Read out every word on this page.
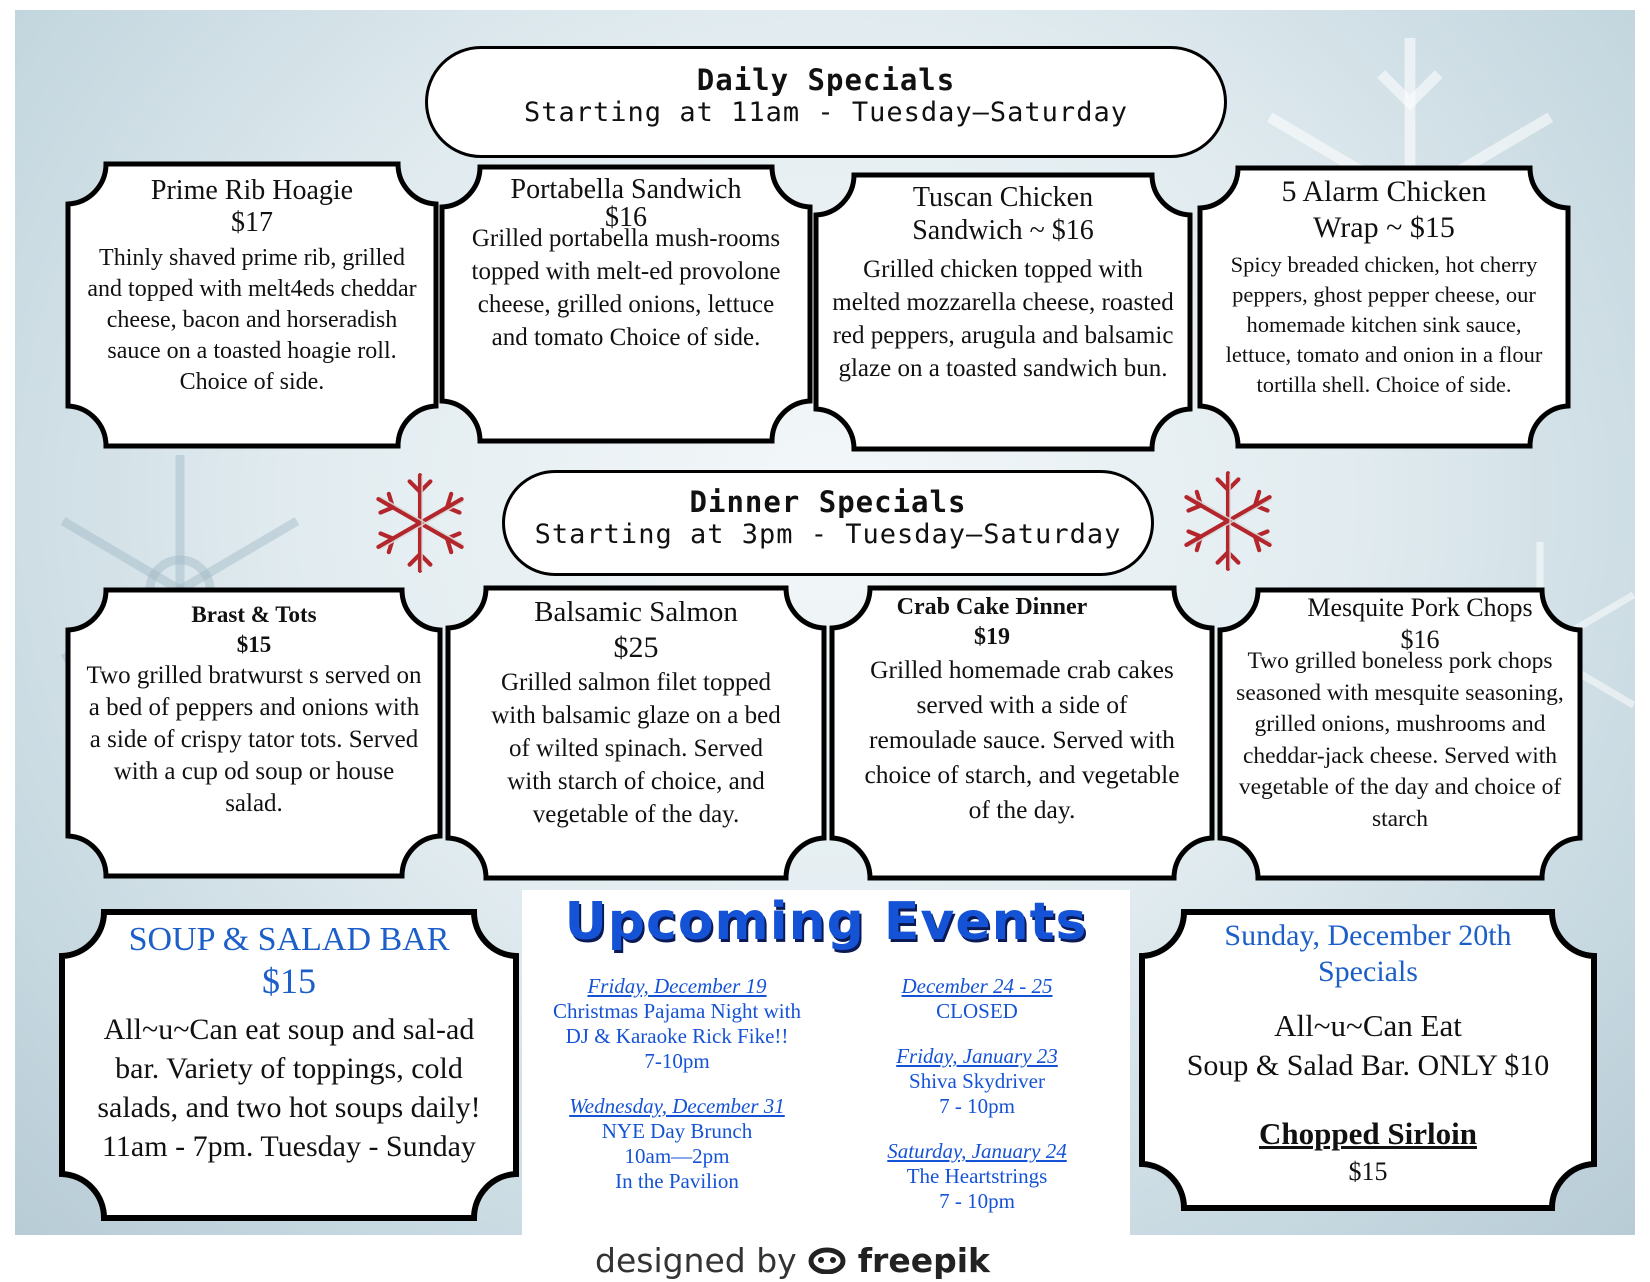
Daily Specials
Starting at 11am - Tuesday—Saturday
Prime Rib Hoagie
$17
Thinly shaved prime rib, grilled and topped with melt4eds cheddar cheese, bacon and horseradish sauce on a toasted hoagie roll. Choice of side.
Portabella Sandwich
$16
Grilled portabella mush-rooms topped with melt-ed provolone cheese, grilled onions, lettuce and tomato Choice of side.
Tuscan Chicken Sandwich ~ $16
Grilled chicken topped with melted mozzarella cheese, roasted red peppers, arugula and balsamic glaze on a toasted sandwich bun.
5 Alarm Chicken Wrap ~ $15
Spicy breaded chicken, hot cherry peppers, ghost pepper cheese, our homemade kitchen sink sauce, lettuce, tomato and onion in a flour tortilla shell. Choice of side.
Dinner Specials
Starting at 3pm - Tuesday—Saturday
Brast & Tots
$15
Two grilled bratwurst s served on a bed of peppers and onions with a side of crispy tator tots. Served with a cup od soup or house salad.
Balsamic Salmon
$25
Grilled salmon filet topped with balsamic glaze on a bed of wilted spinach. Served with starch of choice, and vegetable of the day.
Crab Cake Dinner
$19
Grilled homemade crab cakes served with a side of remoulade sauce. Served with choice of starch, and vegetable of the day.
Mesquite Pork Chops $16
Two grilled boneless pork chops seasoned with mesquite seasoning, grilled onions, mushrooms and cheddar-jack cheese. Served with vegetable of the day and choice of starch
SOUP & SALAD BAR
$15
All~u~Can eat soup and sal-ad bar. Variety of toppings, cold salads, and two hot soups daily! 11am - 7pm. Tuesday - Sunday
Upcoming Events
Friday, December 19
Christmas Pajama Night with
DJ & Karaoke Rick Fike!!
7-10pm
Wednesday, December 31
NYE Day Brunch
10am—2pm
In the Pavilion
December 24 - 25
CLOSED
Friday, January 23
Shiva Skydriver
7 - 10pm
Saturday, January 24
The Heartstrings
7 - 10pm
Sunday, December 20th Specials
All~u~Can Eat
Soup & Salad Bar. ONLY $10
Chopped Sirloin
$15
designed by freepik
